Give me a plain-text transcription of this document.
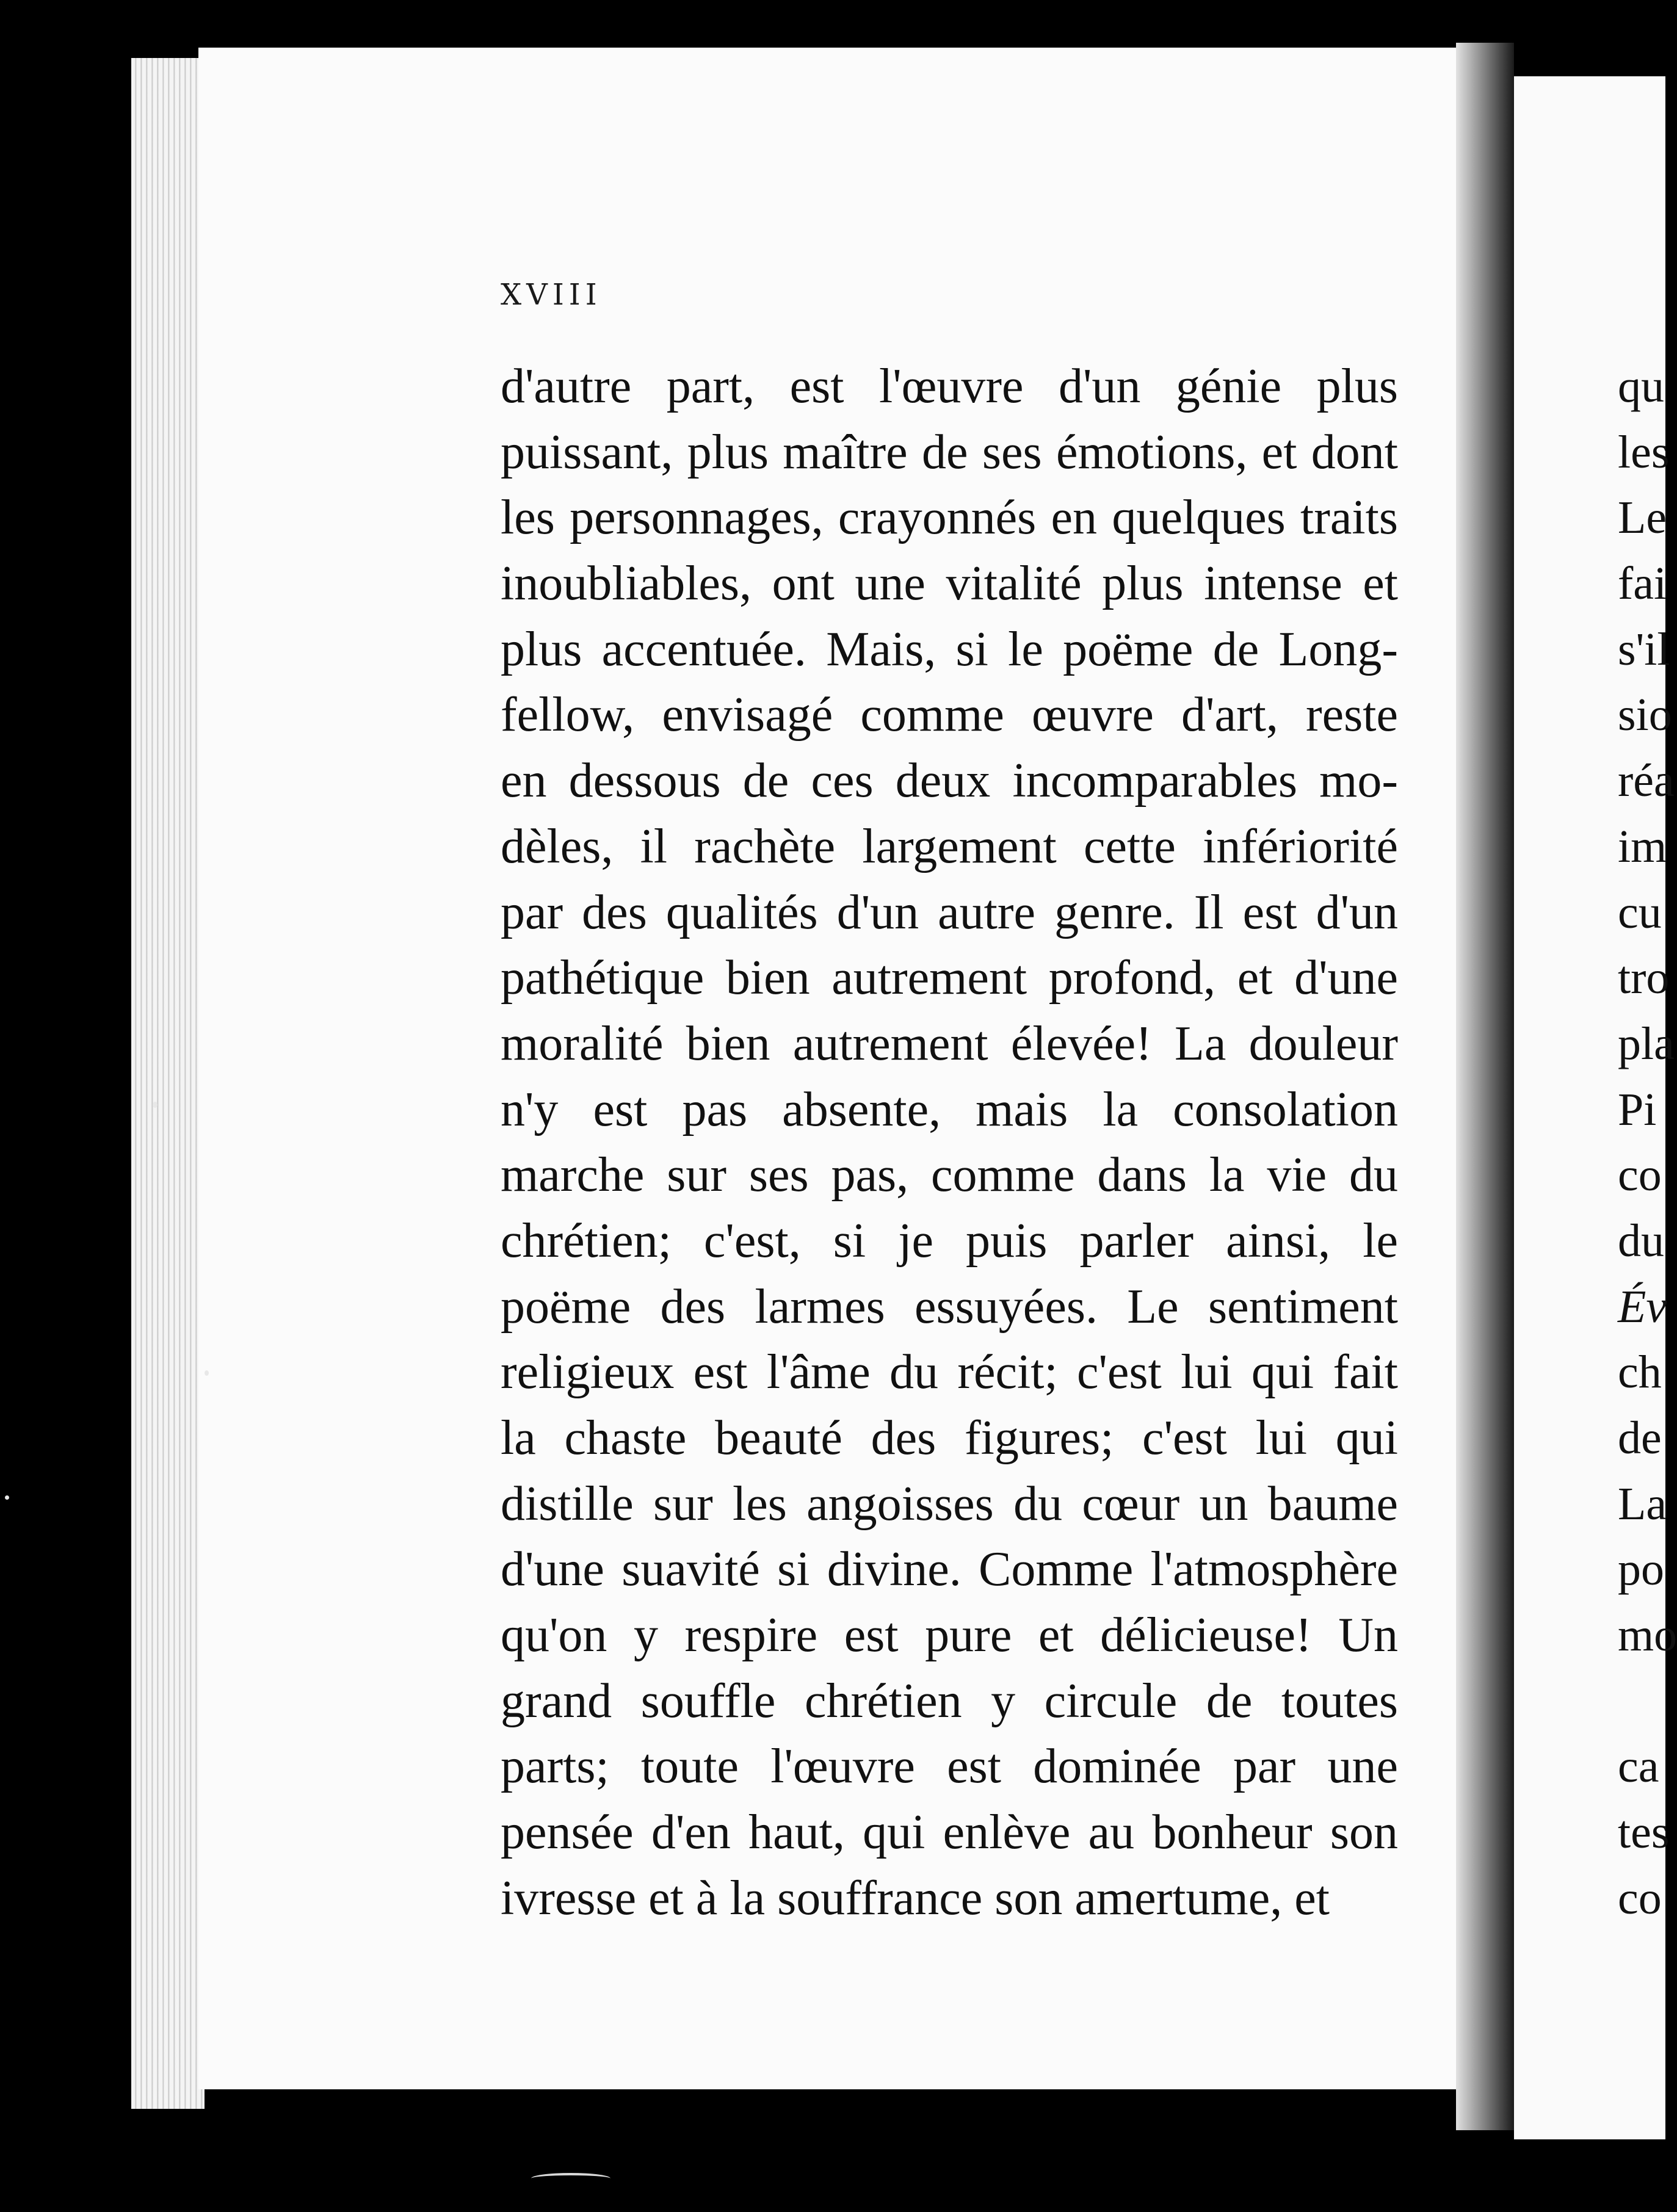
XVIII
d'autre part, est l'œuvre d'un génie plus
puissant, plus maître de ses émotions, et dont
les personnages, crayonnés en quelques traits
inoubliables, ont une vitalité plus intense et
plus accentuée. Mais, si le poëme de Long-
fellow, envisagé comme œuvre d'art, reste
en dessous de ces deux incomparables mo-
dèles, il rachète largement cette infériorité
par des qualités d'un autre genre. Il est d'un
pathétique bien autrement profond, et d'une
moralité bien autrement élevée! La douleur
n'y est pas absente, mais la consolation
marche sur ses pas, comme dans la vie du
chrétien; c'est, si je puis parler ainsi, le
poëme des larmes essuyées. Le sentiment
religieux est l'âme du récit; c'est lui qui fait
la chaste beauté des figures; c'est lui qui
distille sur les angoisses du cœur un baume
d'une suavité si divine. Comme l'atmosphère
qu'on y respire est pure et délicieuse! Un
grand souffle chrétien y circule de toutes
parts; toute l'œuvre est dominée par une
pensée d'en haut, qui enlève au bonheur son
ivresse et à la souffrance son amertume, et
qu
les
Le
fai
s'il
sio
réa
im
cu
tro
pla
Pi
co
du
Év
ch
de
La
po
mo
ca
tes
co
